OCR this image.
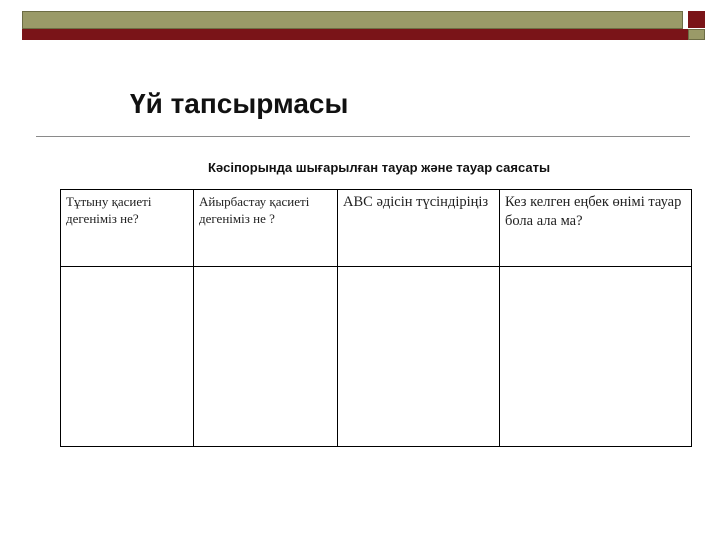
Үй тапсырмасы
Кәсіпорында шығарылған тауар және тауар саясаты
Тұтыну қасиеті дегеніміз не?	Айырбастау қасиеті дегеніміз не ?	АВС әдісін түсіндіріңіз	Кез келген еңбек өнімі тауар бола ала ма?
